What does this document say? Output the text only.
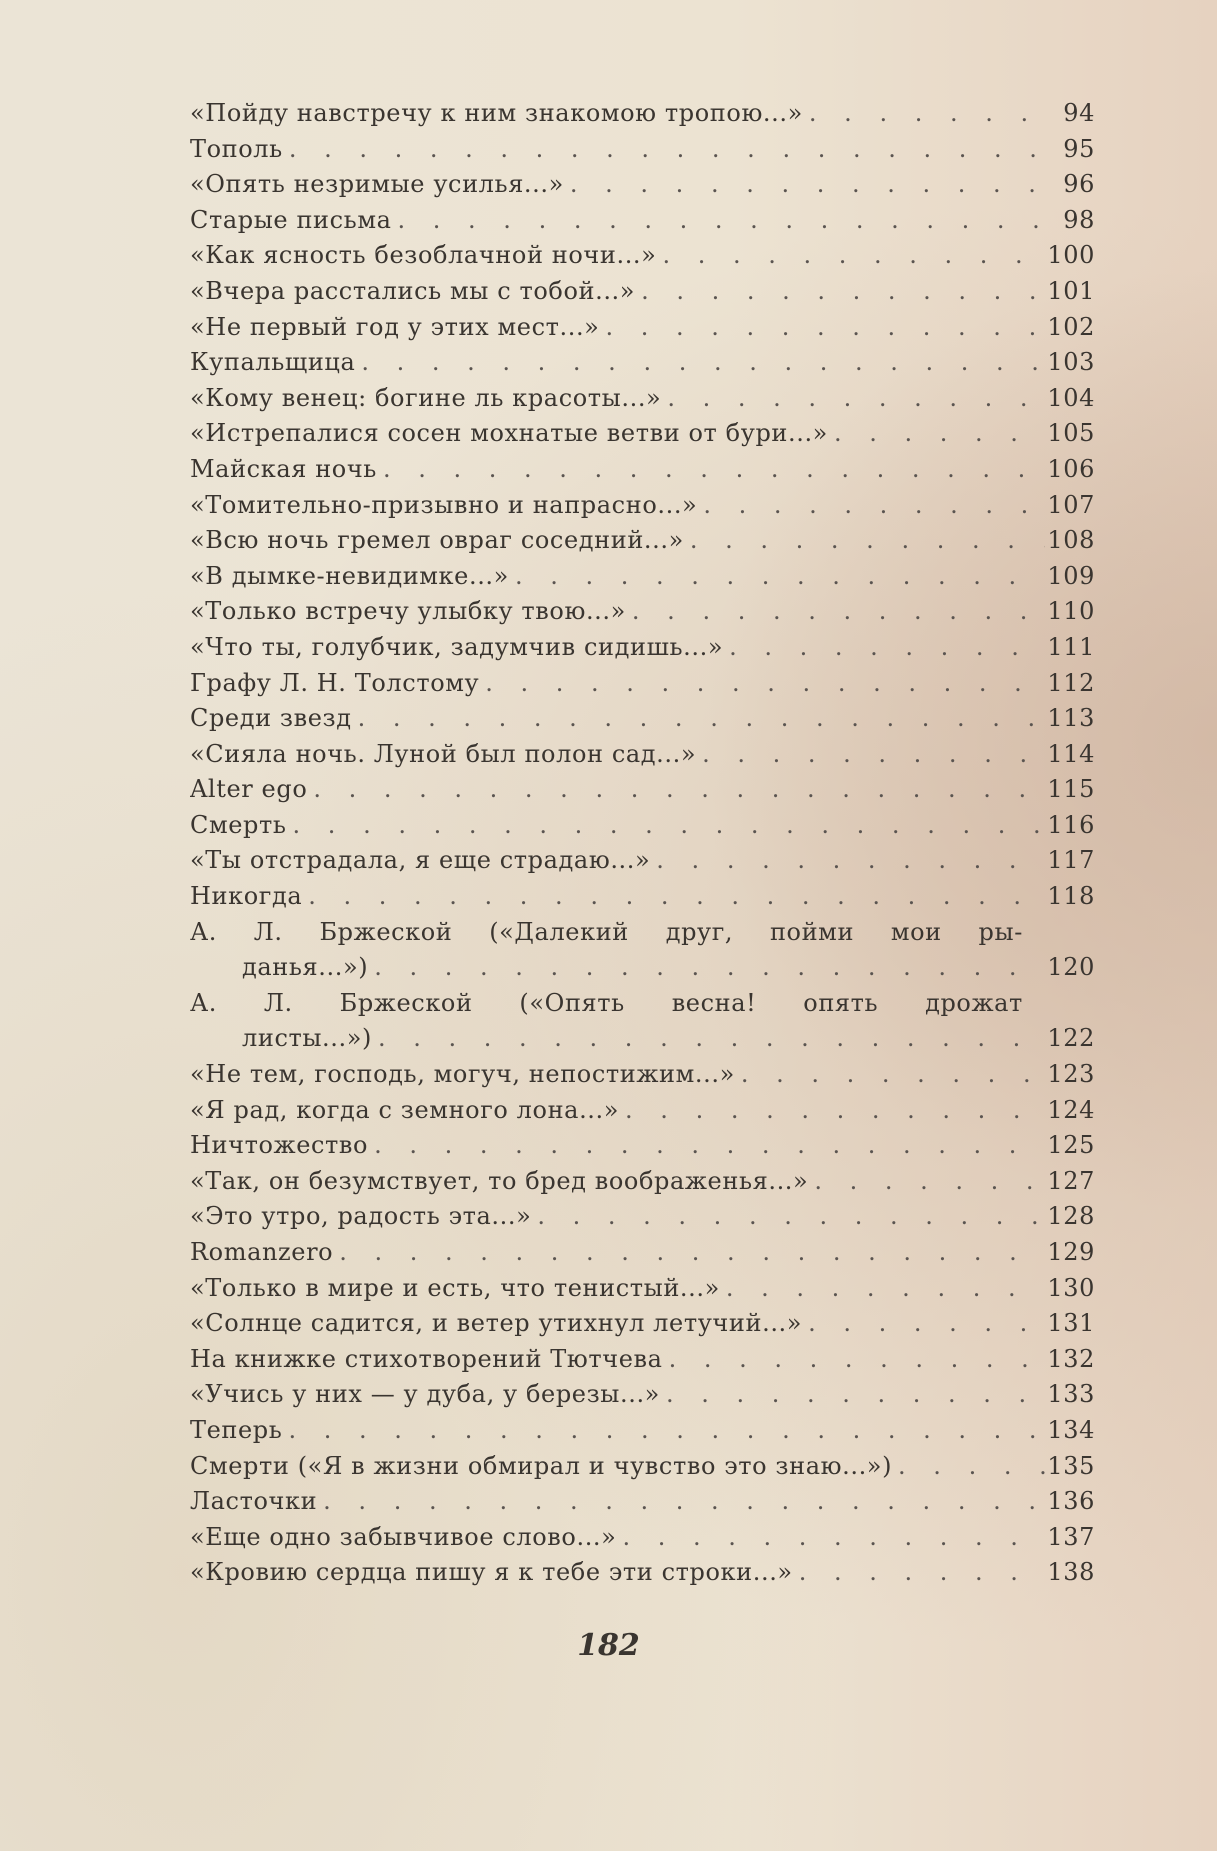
«Пойду навстречу к ним знакомою тропою...» . . .	94
Тополь . . .	95
«Опять незримые усилья...» . . .	96
Старые письма . . .	98
«Как ясность безоблачной ночи...» . . .	100
«Вчера расстались мы с тобой...» . . .	101
«Не первый год у этих мест...» . . .	102
Купальщица . . .	103
«Кому венец: богине ль красоты...» . . .	104
«Истрепалися сосен мохнатые ветви от бури...» . . .	105
Майская ночь . . .	106
«Томительно-призывно и напрасно...» . . .	107
«Всю ночь гремел овраг соседний...» . . .	108
«В дымке-невидимке...» . . .	109
«Только встречу улыбку твою...» . . .	110
«Что ты, голубчик, задумчив сидишь...» . . .	111
Графу Л. Н. Толстому . . .	112
Среди звезд . . .	113
«Сияла ночь. Луной был полон сад...» . . .	114
Alter ego . . .	115
Смерть . . .	116
«Ты отстрадала, я еще страдаю...» . . .	117
Никогда . . .	118
А. Л. Бржеской («Далекий друг, пойми мои ры-
данья...») . . .	120
А. Л. Бржеской («Опять весна! опять дрожат
листы...») . . .	122
«Не тем, господь, могуч, непостижим...» . . .	123
«Я рад, когда с земного лона...» . . .	124
Ничтожество . . .	125
«Так, он безумствует, то бред воображенья...» . . .	127
«Это утро, радость эта...» . . .	128
Romanzero . . .	129
«Только в мире и есть, что тенистый...» . . .	130
«Солнце садится, и ветер утихнул летучий...» . . .	131
На книжке стихотворений Тютчева . . .	132
«Учись у них — у дуба, у березы...» . . .	133
Теперь . . .	134
Смерти («Я в жизни обмирал и чувство это знаю...») . . .	135
Ласточки . . .	136
«Еще одно забывчивое слово...» . . .	137
«Кровию сердца пишу я к тебе эти строки...» . . .	138
182
